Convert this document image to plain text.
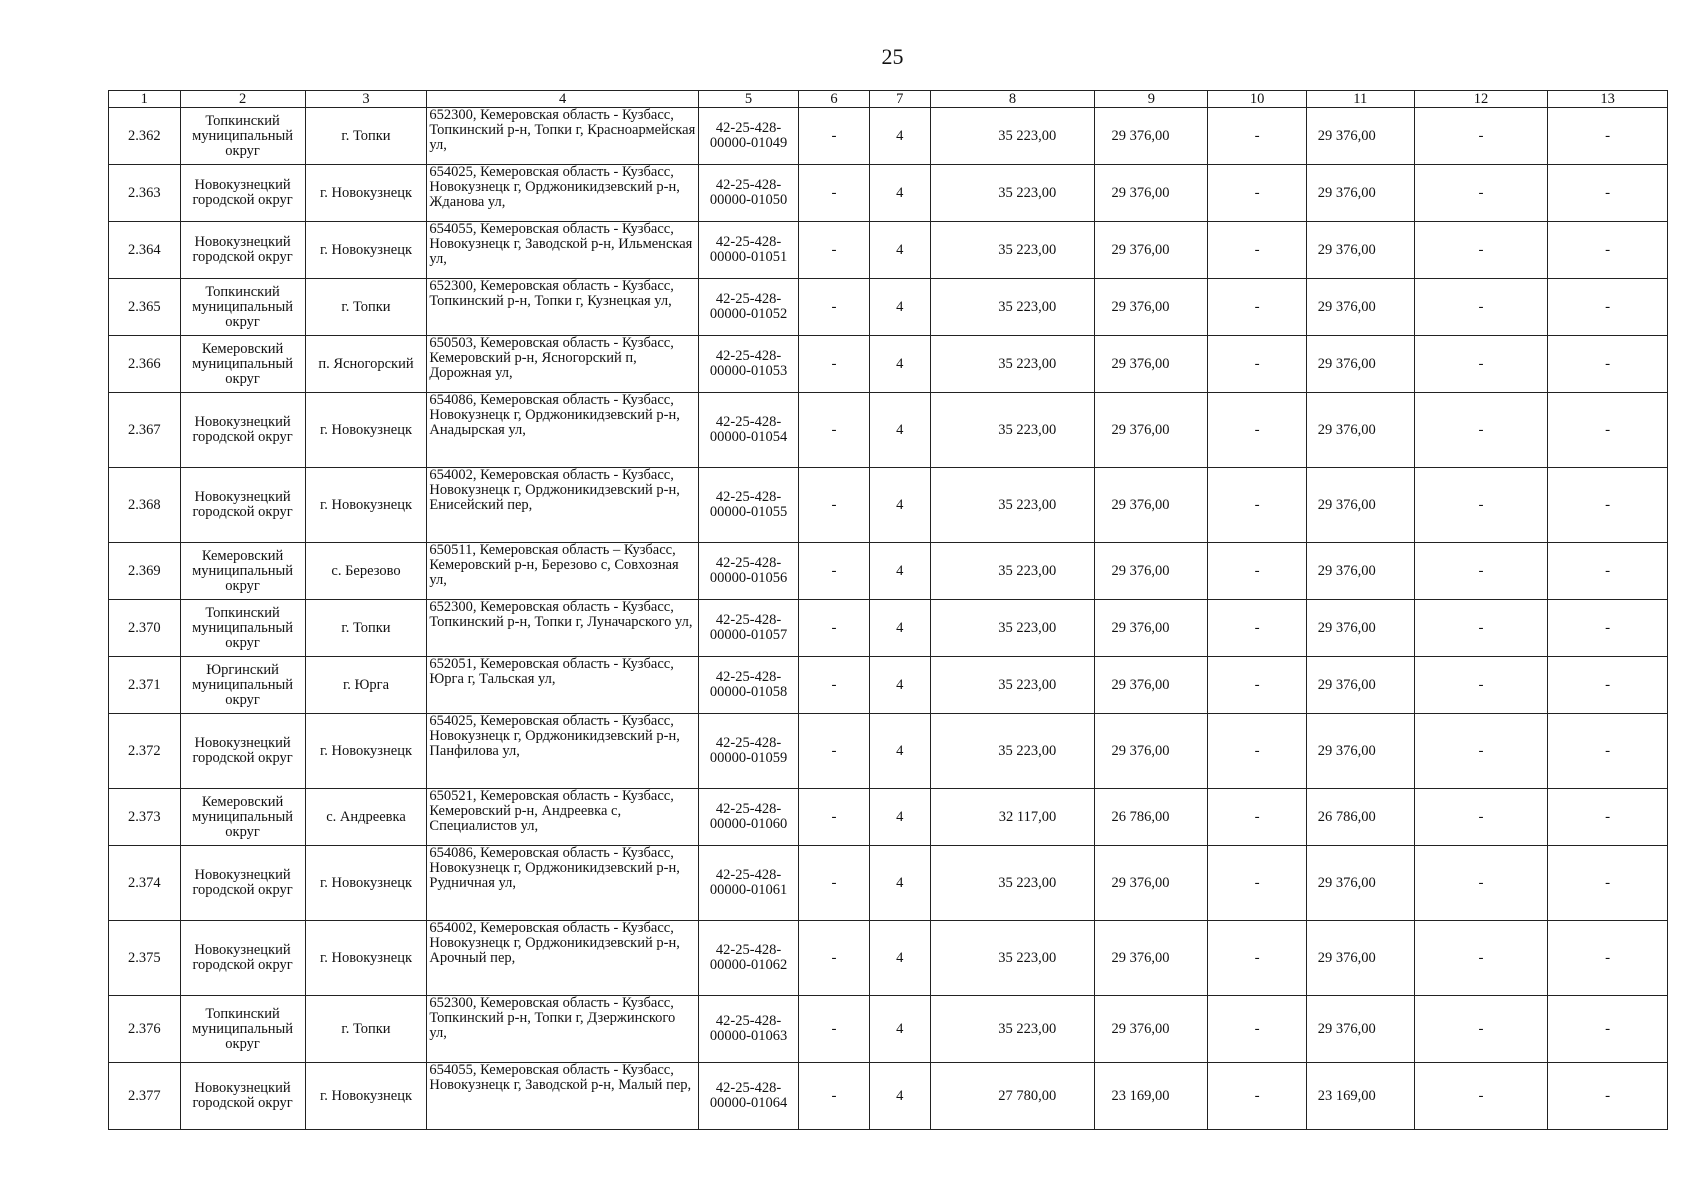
25
1	2	3	4	5	6	7	8	9	10	11	12	13
2.362	Топкинский муниципальный округ	г. Топки	652300, Кемеровская область - Кузбасс, Топкинский р-н, Топки г, Красноармейская ул,	42-25-428-00000-01049	-	4	35 223,00	29 376,00	-	29 376,00	-	-
2.363	Новокузнецкий городской округ	г. Новокузнецк	654025, Кемеровская область - Кузбасс, Новокузнецк г, Орджоникидзевский р-н, Жданова ул,	42-25-428-00000-01050	-	4	35 223,00	29 376,00	-	29 376,00	-	-
2.364	Новокузнецкий городской округ	г. Новокузнецк	654055, Кемеровская область - Кузбасс, Новокузнецк г, Заводской р-н, Ильменская ул,	42-25-428-00000-01051	-	4	35 223,00	29 376,00	-	29 376,00	-	-
2.365	Топкинский муниципальный округ	г. Топки	652300, Кемеровская область - Кузбасс, Топкинский р-н, Топки г, Кузнецкая ул,	42-25-428-00000-01052	-	4	35 223,00	29 376,00	-	29 376,00	-	-
2.366	Кемеровский муниципальный округ	п. Ясногорский	650503, Кемеровская область - Кузбасс, Кемеровский р-н, Ясногорский п, Дорожная ул,	42-25-428-00000-01053	-	4	35 223,00	29 376,00	-	29 376,00	-	-
2.367	Новокузнецкий городской округ	г. Новокузнецк	654086, Кемеровская область - Кузбасс, Новокузнецк г, Орджоникидзевский р-н, Анадырская ул,	42-25-428-00000-01054	-	4	35 223,00	29 376,00	-	29 376,00	-	-
2.368	Новокузнецкий городской округ	г. Новокузнецк	654002, Кемеровская область - Кузбасс, Новокузнецк г, Орджоникидзевский р-н, Енисейский пер,	42-25-428-00000-01055	-	4	35 223,00	29 376,00	-	29 376,00	-	-
2.369	Кемеровский муниципальный округ	с. Березово	650511, Кемеровская область – Кузбасс, Кемеровский р-н, Березово с, Совхозная ул,	42-25-428-00000-01056	-	4	35 223,00	29 376,00	-	29 376,00	-	-
2.370	Топкинский муниципальный округ	г. Топки	652300, Кемеровская область - Кузбасс, Топкинский р-н, Топки г, Луначарского ул,	42-25-428-00000-01057	-	4	35 223,00	29 376,00	-	29 376,00	-	-
2.371	Юргинский муниципальный округ	г. Юрга	652051, Кемеровская область - Кузбасс, Юрга г, Тальская ул,	42-25-428-00000-01058	-	4	35 223,00	29 376,00	-	29 376,00	-	-
2.372	Новокузнецкий городской округ	г. Новокузнецк	654025, Кемеровская область - Кузбасс, Новокузнецк г, Орджоникидзевский р-н, Панфилова ул,	42-25-428-00000-01059	-	4	35 223,00	29 376,00	-	29 376,00	-	-
2.373	Кемеровский муниципальный округ	с. Андреевка	650521, Кемеровская область - Кузбасс, Кемеровский р-н, Андреевка с, Специалистов ул,	42-25-428-00000-01060	-	4	32 117,00	26 786,00	-	26 786,00	-	-
2.374	Новокузнецкий городской округ	г. Новокузнецк	654086, Кемеровская область - Кузбасс, Новокузнецк г, Орджоникидзевский р-н, Рудничная ул,	42-25-428-00000-01061	-	4	35 223,00	29 376,00	-	29 376,00	-	-
2.375	Новокузнецкий городской округ	г. Новокузнецк	654002, Кемеровская область - Кузбасс, Новокузнецк г, Орджоникидзевский р-н, Арочный пер,	42-25-428-00000-01062	-	4	35 223,00	29 376,00	-	29 376,00	-	-
2.376	Топкинский муниципальный округ	г. Топки	652300, Кемеровская область - Кузбасс, Топкинский р-н, Топки г, Дзержинского ул,	42-25-428-00000-01063	-	4	35 223,00	29 376,00	-	29 376,00	-	-
2.377	Новокузнецкий городской округ	г. Новокузнецк	654055, Кемеровская область - Кузбасс, Новокузнецк г, Заводской р-н, Малый пер,	42-25-428-00000-01064	-	4	27 780,00	23 169,00	-	23 169,00	-	-
